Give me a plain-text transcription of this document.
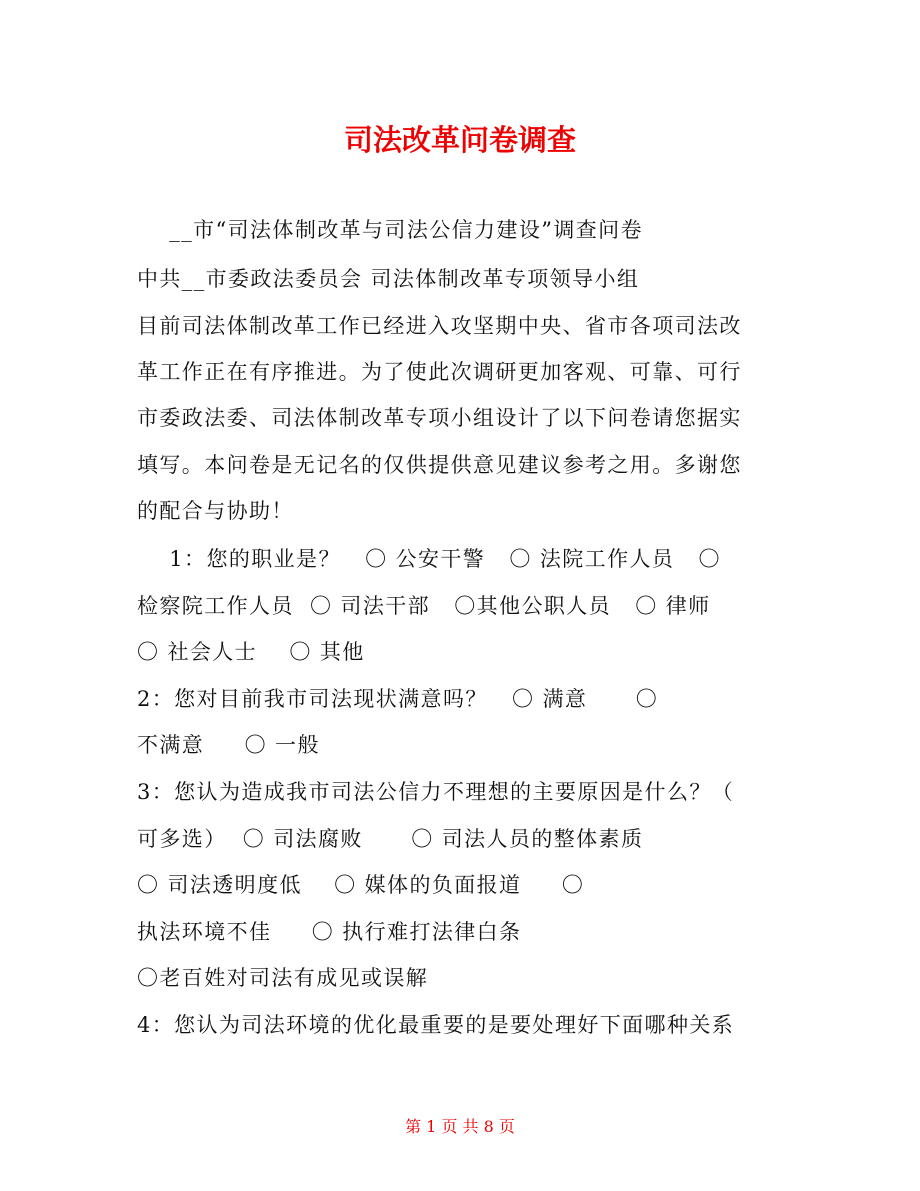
司法改革问卷调查
__市“司法体制改革与司法公信力建设”调查问卷
中共__市委政法委员会 司法体制改革专项领导小组
目前司法体制改革工作已经进入攻坚期中央、省市各项司法改
革工作正在有序推进。为了使此次调研更加客观、可靠、可行
市委政法委、司法体制改革专项小组设计了以下问卷请您据实
填写。本问卷是无记名的仅供提供意见建议参考之用。多谢您
的配合与协助！
1：您的职业是？   〇 公安干警   〇 法院工作人员   〇
检察院工作人员  〇 司法干部   〇其他公职人员   〇 律师
〇 社会人士    〇 其他
2：您对目前我市司法现状满意吗？   〇 满意      〇
不满意     〇 一般
3：您认为造成我市司法公信力不理想的主要原因是什么？（
可多选）  〇 司法腐败      〇 司法人员的整体素质
〇 司法透明度低    〇 媒体的负面报道     〇
执法环境不佳     〇 执行难打法律白条
〇老百姓对司法有成见或误解
4：您认为司法环境的优化最重要的是要处理好下面哪种关系
第 1 页 共 8 页
